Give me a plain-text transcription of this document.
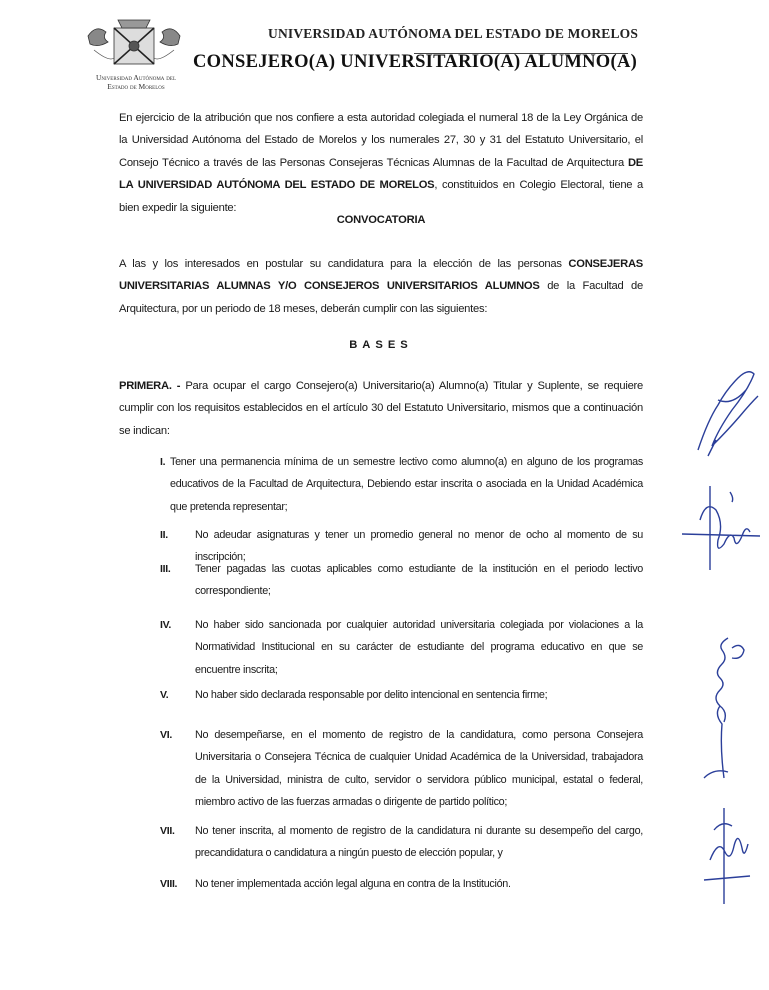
Universidad Autónoma del
Estado de Morelos
UNIVERSIDAD AUTÓNOMA DEL ESTADO DE MORELOS
CONSEJERO(A) UNIVERSITARIO(A) ALUMNO(A)
En ejercicio de la atribución que nos confiere a esta autoridad colegiada el numeral 18 de la Ley Orgánica de la Universidad Autónoma del Estado de Morelos y los numerales 27, 30 y 31 del Estatuto Universitario, el Consejo Técnico a través de las Personas Consejeras Técnicas Alumnas de la Facultad de Arquitectura DE LA UNIVERSIDAD AUTÓNOMA DEL ESTADO DE MORELOS, constituidos en Colegio Electoral, tiene a bien expedir la siguiente:
CONVOCATORIA
A las y los interesados en postular su candidatura para la elección de las personas CONSEJERAS UNIVERSITARIAS ALUMNAS Y/O CONSEJEROS UNIVERSITARIOS ALUMNOS de la Facultad de Arquitectura, por un periodo de 18 meses, deberán cumplir con las siguientes:
BASES
PRIMERA. - Para ocupar el cargo Consejero(a) Universitario(a) Alumno(a) Titular y Suplente, se requiere cumplir con los requisitos establecidos en el artículo 30 del Estatuto Universitario, mismos que a continuación se indican:
I. Tener una permanencia mínima de un semestre lectivo como alumno(a) en alguno de los programas educativos de la Facultad de Arquitectura, Debiendo estar inscrita o asociada en la Unidad Académica que pretenda representar;
II.	No adeudar asignaturas y tener un promedio general no menor de ocho al momento de su inscripción;
III. Tener pagadas las cuotas aplicables como estudiante de la institución en el periodo lectivo correspondiente;
IV. No haber sido sancionada por cualquier autoridad universitaria colegiada por violaciones a la Normatividad Institucional en su carácter de estudiante del programa educativo en que se encuentre inscrita;
V. No haber sido declarada responsable por delito intencional en sentencia firme;
VI. No desempeñarse, en el momento de registro de la candidatura, como persona Consejera Universitaria o Consejera Técnica de cualquier Unidad Académica de la Universidad, trabajadora de la Universidad, ministra de culto, servidor o servidora público municipal, estatal o federal, miembro activo de las fuerzas armadas o dirigente de partido político;
VII. No tener inscrita, al momento de registro de la candidatura ni durante su desempeño del cargo, precandidatura o candidatura a ningún puesto de elección popular, y
VIII. No tener implementada acción legal alguna en contra de la Institución.
